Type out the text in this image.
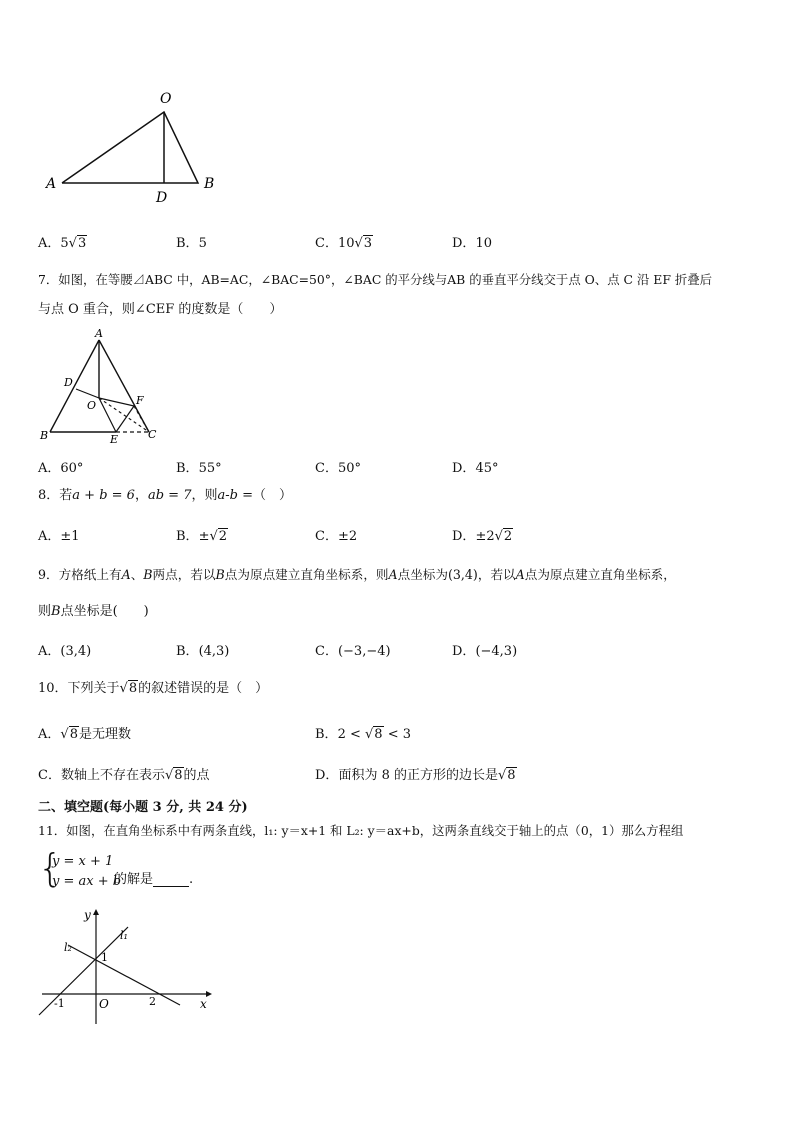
O
A	B
D
A．5√3	B．5	C．10√3	D．10
7．如图，在等腰⊿ABC 中，AB=AC，∠BAC=50°，∠BAC 的平分线与AB 的垂直平分线交于点 O、点 C 沿 EF 折叠后
与点 O 重合，则∠CEF 的度数是（　　）
A
D
O	F
B	E	C
A．60°	B．55°	C．50°	D．45°
8．若a + b = 6，ab = 7，则a-b =（　）
A．±1	B．±√2	C．±2	D．±2√2
9．方格纸上有A、B两点，若以B点为原点建立直角坐标系，则A点坐标为(3,4)，若以A点为原点建立直角坐标系，
则B点坐标是(　　)
A．(3,4)	B．(4,3)	C．(−3,−4)	D．(−4,3)
10．下列关于√8的叙述错误的是（　）
A．√8是无理数	B．2 < √8 < 3
C．数轴上不存在表示√8的点	D．面积为 8 的正方形的边长是√8
二、填空题(每小题 3 分, 共 24 分)
11．如图，在直角坐标系中有两条直线，l₁: y＝x+1 和 L₂: y＝ax+b，这两条直线交于轴上的点（0，1）那么方程组
{
y = x + 1
y = ax + b
的解是	.
y
x
O
l₁
l₂
1
-1	2
